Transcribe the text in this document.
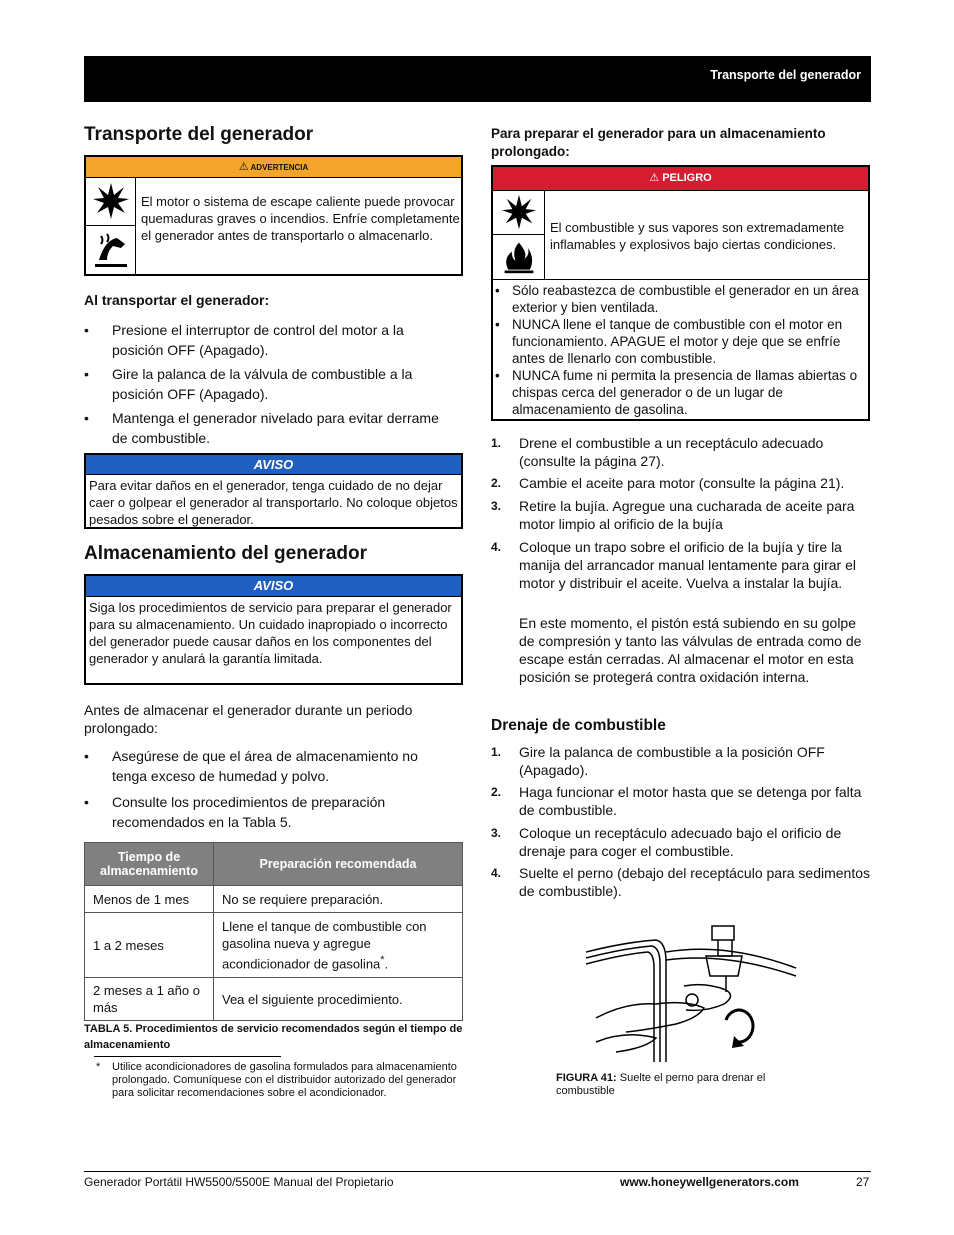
Transporte del generador
Transporte del generador
⚠ ADVERTENCIA
El motor o sistema de escape caliente puede provocar quemaduras graves o incendios. Enfríe completamente el generador antes de transportarlo o almacenarlo.
Al transportar el generador:
• Presione el interruptor de control del motor a la posición OFF (Apagado).
• Gire la palanca de la válvula de combustible a la posición OFF (Apagado).
• Mantenga el generador nivelado para evitar derrame de combustible.
AVISO
Para evitar daños en el generador, tenga cuidado de no dejar caer o golpear el generador al transportarlo. No coloque objetos pesados sobre el generador.
Almacenamiento del generador
AVISO
Siga los procedimientos de servicio para preparar el generador para su almacenamiento. Un cuidado inapropiado o incorrecto del generador puede causar daños en los componentes del generador y anulará la garantía limitada.
Antes de almacenar el generador durante un periodo prolongado:
• Asegúrese de que el área de almacenamiento no tenga exceso de humedad y polvo.
• Consulte los procedimientos de preparación recomendados en la Tabla 5.
Tiempo de almacenamiento	Preparación recomendada
Menos de 1 mes	No se requiere preparación.
1 a 2 meses	Llene el tanque de combustible con gasolina nueva y agregue acondicionador de gasolina*.
2 meses a 1 año o más	Vea el siguiente procedimiento.
TABLA 5. Procedimientos de servicio recomendados según el tiempo de almacenamiento
* Utilice acondicionadores de gasolina formulados para almacenamiento prolongado. Comuníquese con el distribuidor autorizado del generador para solicitar recomendaciones sobre el acondicionador.
Para preparar el generador para un almacenamiento prolongado:
⚠ PELIGRO
El combustible y sus vapores son extremadamente inflamables y explosivos bajo ciertas condiciones.
• Sólo reabastezca de combustible el generador en un área exterior y bien ventilada.
• NUNCA llene el tanque de combustible con el motor en funcionamiento. APAGUE el motor y deje que se enfríe antes de llenarlo con combustible.
• NUNCA fume ni permita la presencia de llamas abiertas o chispas cerca del generador o de un lugar de almacenamiento de gasolina.
1. Drene el combustible a un receptáculo adecuado (consulte la página 27).
2. Cambie el aceite para motor (consulte la página 21).
3. Retire la bujía. Agregue una cucharada de aceite para motor limpio al orificio de la bujía
4. Coloque un trapo sobre el orificio de la bujía y tire la manija del arrancador manual lentamente para girar el motor y distribuir el aceite. Vuelva a instalar la bujía.
En este momento, el pistón está subiendo en su golpe de compresión y tanto las válvulas de entrada como de escape están cerradas. Al almacenar el motor en esta posición se protegerá contra oxidación interna.
Drenaje de combustible
1. Gire la palanca de combustible a la posición OFF (Apagado).
2. Haga funcionar el motor hasta que se detenga por falta de combustible.
3. Coloque un receptáculo adecuado bajo el orificio de drenaje para coger el combustible.
4. Suelte el perno (debajo del receptáculo para sedimentos de combustible).
FIGURA 41: Suelte el perno para drenar el combustible
Generador Portátil HW5500/5500E Manual del Propietario	www.honeywellgenerators.com	27
